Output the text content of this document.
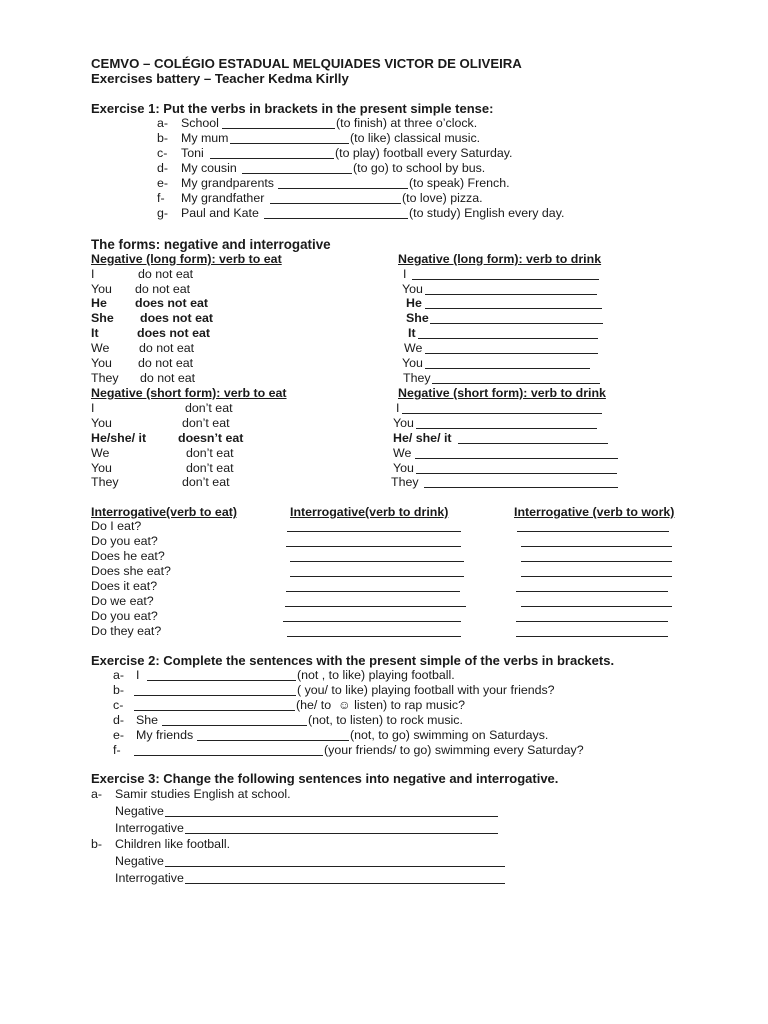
CEMVO – COLÉGIO ESTADUAL MELQUIADES VICTOR DE OLIVEIRA
Exercises battery – Teacher Kedma Kirlly
Exercise 1: Put the verbs in brackets in the present simple tense:
a- School	(to finish) at three o’clock.
b- My mum	(to like) classical music.
c- Toni	(to play) football every Saturday.
d- My cousin	(to go) to school by bus.
e- My grandparents	(to speak) French.
f- My grandfather	(to love) pizza.
g- Paul and Kate	(to study) English every day.
The forms: negative and interrogative
Negative (long form): verb to eat
I	do not eat
You do not eat
He does not eat
She does not eat
It	does not eat
We do not eat
You do not eat
They do not eat
Negative (long form): verb to drink
I
You
He
She
It
We
You
They
Negative (short form): verb to eat
I	don’t eat
You	don’t eat
He/she/ it	doesn’t eat
We	don’t eat
You	don’t eat
They	don’t eat
Negative (short form): verb to drink
I
You
He/ she/ it
We
You
They
Interrogative(verb to eat)	Interrogative(verb to drink)	Interrogative (verb to work)
Do I eat?
Do you eat?
Does he eat?
Does she eat?
Does it eat?
Do we eat?
Do you eat?
Do they eat?
Exercise 2: Complete the sentences with the present simple of the verbs in brackets.
a- I	(not , to like) playing football.
b-	( you/ to like) playing football with your friends?
c-	(he/ to  ☺ listen) to rap music?
d- She	(not, to listen) to rock music.
e- My friends	(not, to go) swimming on Saturdays.
f-	(your friends/ to go) swimming every Saturday?
Exercise 3: Change the following sentences into negative and interrogative.
a- Samir studies English at school.
Negative
Interrogative
b- Children like football.
Negative
Interrogative
